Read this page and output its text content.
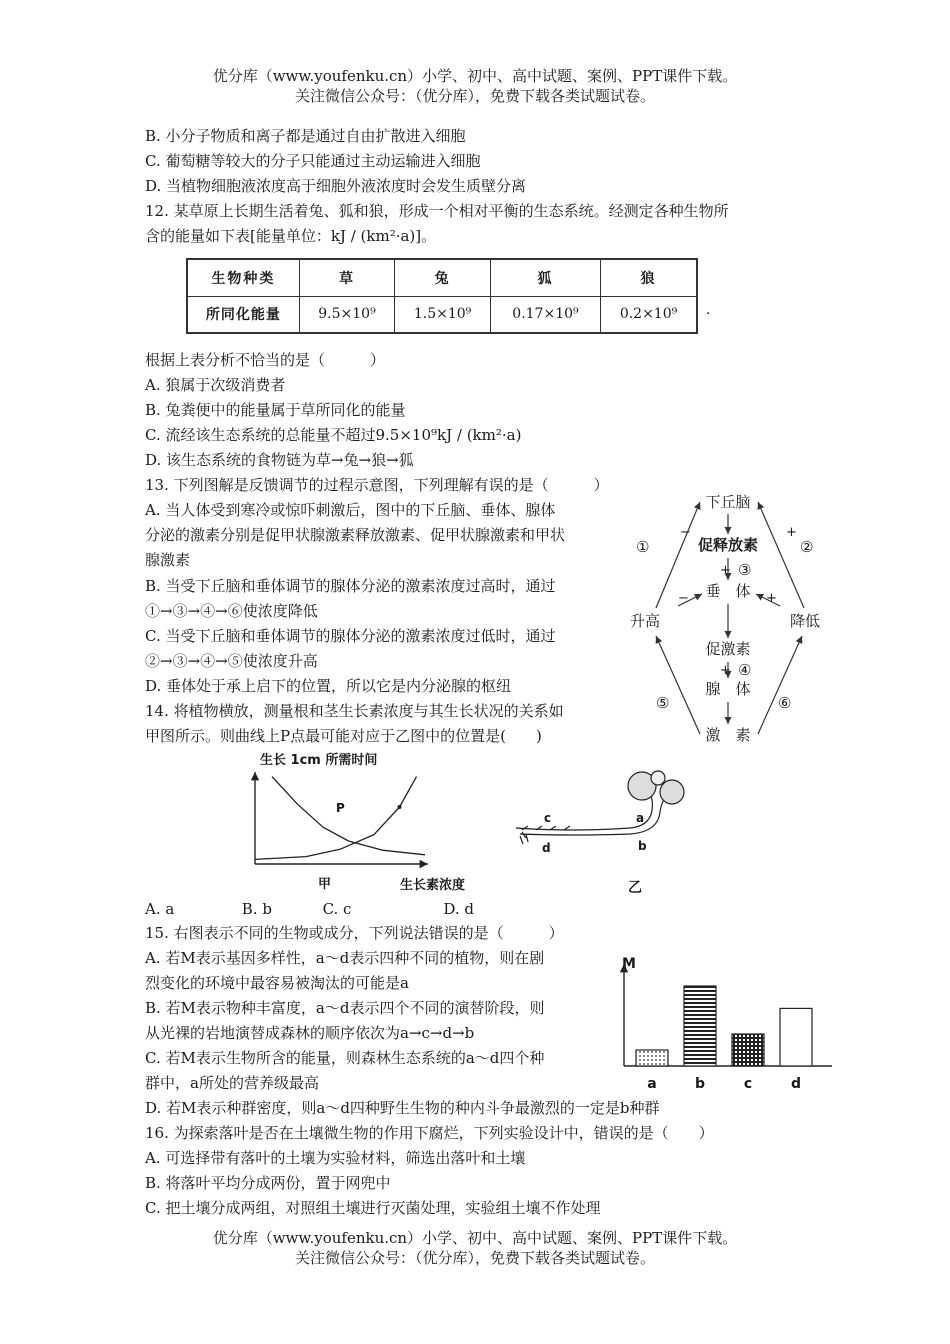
优分库（www.youfenku.cn）小学、初中、高中试题、案例、PPT课件下载。
关注微信公众号：（优分库），免费下载各类试题试卷。
B. 小分子物质和离子都是通过自由扩散进入细胞
C. 葡萄糖等较大的分子只能通过主动运输进入细胞
D. 当植物细胞液浓度高于细胞外液浓度时会发生质壁分离
12. 某草原上长期生活着兔、狐和狼，形成一个相对平衡的生态系统。经测定各种生物所
含的能量如下表[能量单位：kJ / (km²·a)]。
生物种类	草	兔	狐	狼
所同化能量	9.5×10⁹	1.5×10⁹	0.17×10⁹	0.2×10⁹ ·
根据上表分析不恰当的是（　　　）
A. 狼属于次级消费者
B. 兔粪便中的能量属于草所同化的能量
C. 流经该生态系统的总能量不超过9.5×10⁹kJ / (km²·a)
D. 该生态系统的食物链为草→兔→狼→狐
13. 下列图解是反馈调节的过程示意图，下列理解有误的是（　　　）
A. 当人体受到寒冷或惊吓刺激后，图中的下丘脑、垂体、腺体
分泌的激素分别是促甲状腺激素释放激素、促甲状腺激素和甲状
腺激素
B. 当受下丘脑和垂体调节的腺体分泌的激素浓度过高时，通过
①→③→④→⑥使浓度降低
C. 当受下丘脑和垂体调节的腺体分泌的激素浓度过低时，通过
②→③→④→⑤使浓度升高
D. 垂体处于承上启下的位置，所以它是内分泌腺的枢纽
下丘脑
促释放素
垂　体
促激素
腺　体
激　素
升高	降低
①	②
③
④
⑤	⑥
+
+
−	+
−	+
14. 将植物横放，测量根和茎生长素浓度与其生长状况的关系如
甲图所示。则曲线上P点最可能对应于乙图中的位置是(　　)
生长 1cm 所需时间
P
甲	生长素浓度
c
d
a
b
乙
A. a	B. b	C. c	D. d
15. 右图表示不同的生物或成分，下列说法错误的是（　　　）
A. 若M表示基因多样性，a～d表示四种不同的植物，则在剧
烈变化的环境中最容易被淘汰的可能是a
B. 若M表示物种丰富度，a～d表示四个不同的演替阶段，则
从光裸的岩地演替成森林的顺序依次为a→c→d→b
C. 若M表示生物所含的能量，则森林生态系统的a～d四个种
群中，a所处的营养级最高
D. 若M表示种群密度，则a～d四种野生生物的种内斗争最激烈的一定是b种群
M
a	b	c	d
16. 为探索落叶是否在土壤微生物的作用下腐烂，下列实验设计中，错误的是（　　）
A. 可选择带有落叶的土壤为实验材料，筛选出落叶和土壤
B. 将落叶平均分成两份，置于网兜中
C. 把土壤分成两组，对照组土壤进行灭菌处理，实验组土壤不作处理
优分库（www.youfenku.cn）小学、初中、高中试题、案例、PPT课件下载。
关注微信公众号：（优分库），免费下载各类试题试卷。
